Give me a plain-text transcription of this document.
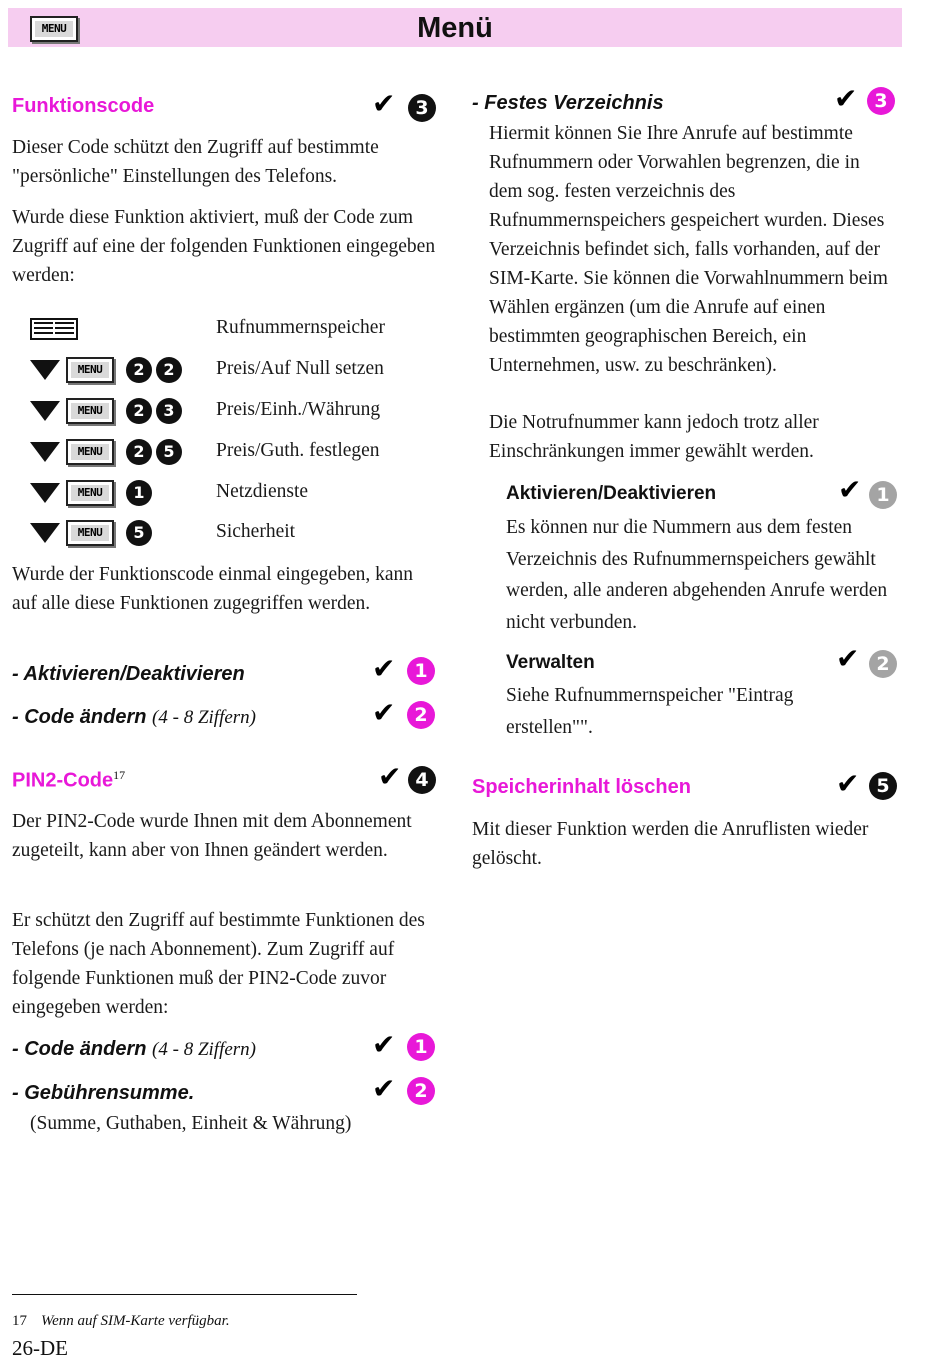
Menü
MENU
Funktionscode	✔	3
Dieser Code schützt den Zugriff auf bestimmte "persönliche" Einstellungen des Telefons.
Wurde diese Funktion aktiviert, muß der Code zum Zugriff auf eine der folgenden Funktionen eingegeben werden:
Rufnummernspeicher
MENU	2	2	Preis/Auf Null setzen
MENU	2	3	Preis/Einh./Währung
MENU	2	5	Preis/Guth. festlegen
MENU	1	Netzdienste
MENU	5	Sicherheit
Wurde der Funktionscode einmal eingegeben, kann auf alle diese Funktionen zugegriffen werden.
- Aktivieren/Deaktivieren	✔ 1
- Code ändern (4 - 8 Ziffern)	✔ 2
PIN2-Code$^{17}$	✔ 4
Der PIN2-Code wurde Ihnen mit dem Abonnement zugeteilt, kann aber von Ihnen geändert werden.
Er schützt den Zugriff auf bestimmte Funktionen des Telefons (je nach Abonnement). Zum Zugriff auf folgende Funktionen muß der PIN2-Code zuvor eingegeben werden:
- Code ändern (4 - 8 Ziffern)	✔ 1
- Gebührensumme.	✔ 2
(Summe, Guthaben, Einheit & Währung)
- Festes Verzeichnis	✔ 3
Hiermit können Sie Ihre Anrufe auf bestimmte Rufnummern oder Vorwahlen begrenzen, die in dem sog. festen verzeichnis des Rufnummernspeichers gespeichert wurden. Dieses Verzeichnis befindet sich, falls vorhanden, auf der SIM-Karte. Sie können die Vorwahlnummern beim Wählen ergänzen (um die Anrufe auf einen bestimmten geographischen Bereich, ein Unternehmen, usw. zu beschränken).
Die Notrufnummer kann jedoch trotz aller Einschränkungen immer gewählt werden.
Aktivieren/Deaktivieren	✔ 1
Es können nur die Nummern aus dem festen Verzeichnis des Rufnummernspeichers gewählt werden, alle anderen abgehenden Anrufe werden nicht verbunden.
Verwalten	✔ 2
Siehe Rufnummernspeicher "Eintrag erstellen"".
Speicherinhalt löschen	✔ 5
Mit dieser Funktion werden die Anruflisten wieder gelöscht.
17 Wenn auf SIM-Karte verfügbar.
26-DE
